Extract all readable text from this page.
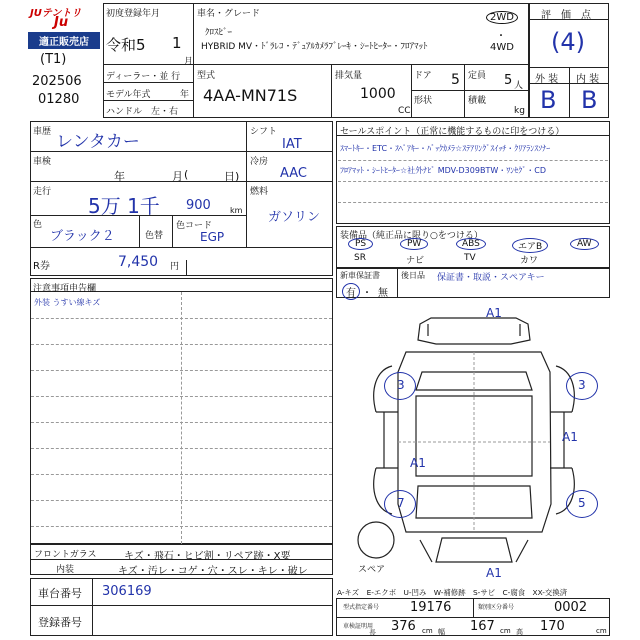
JUテントリ
Ju
適正販売店
(T1)
202506
01280
初度登録年月
令和5 1
月
車名・グレード
ｸﾛｽﾋﾞｰ
HYBRID MV・ﾄﾞﾗﾚｺ・ﾃﾞｭｱﾙｶﾒﾗﾌﾞﾚｰｷ・ｼｰﾄﾋｰﾀｰ・ﾌﾛｱﾏｯﾄ
2WD
・
4WD
ディーラー・並 行
モデル年式	年
ハンドル　左・右
型式
4AA-MN71S
排気量
1000
CC
ドア 5
形状
定員 5 人
積載
kg
評　価　点
(4)
外 装 内 装
B B
車歴 レンタカー	シフト
IAT
車検
年	月 (	日)
冷房
AAC
走行
5万 1千 900 km
燃料
ガソリン
色
ブラック２	色替
色コード
EGP
R券	7,450 円
セールスポイント（正常に機能するものに印をつける）
ｽﾏｰﾄｷｰ・ETC・ｽﾍﾟｱｷｰ・ﾊﾞｯｸｶﾒﾗ☆ｽﾃｱﾘﾝｸﾞｽｲｯﾁ・ｸﾘｱﾗﾝｽｿﾅｰ
ﾌﾛｱﾏｯﾄ・ｼｰﾄﾋｰﾀｰ☆社外ﾅﾋﾞ MDV-D309BTW・ﾜﾝｾｸﾞ・CD
装備品（純正品に限り○をつける）
PS	PW	ABS	エアB	AW
SR	ナビ	TV	カワ
新車保証書
有 ・ 無
後日品 保証書・取説・スペアキー
注意事項申告欄
外装 うすい線キズ
フロントガラス	キズ・飛石・ヒビ割・リペア跡・X要
内装	キズ・汚レ・コゲ・穴・スレ・キレ・破レ
車台番号 306169
登録番号
A1
3	3
A1
A1
7	5
スペア	A1
A-キズ　E-エクボ　U-凹み　W-補修跡　S-サビ　C-腐食　XX-交換済
型式指定番号 19176	類別区分番号	0002
車検証明用
長 376 cm 幅 167 cm 高 170	cm
